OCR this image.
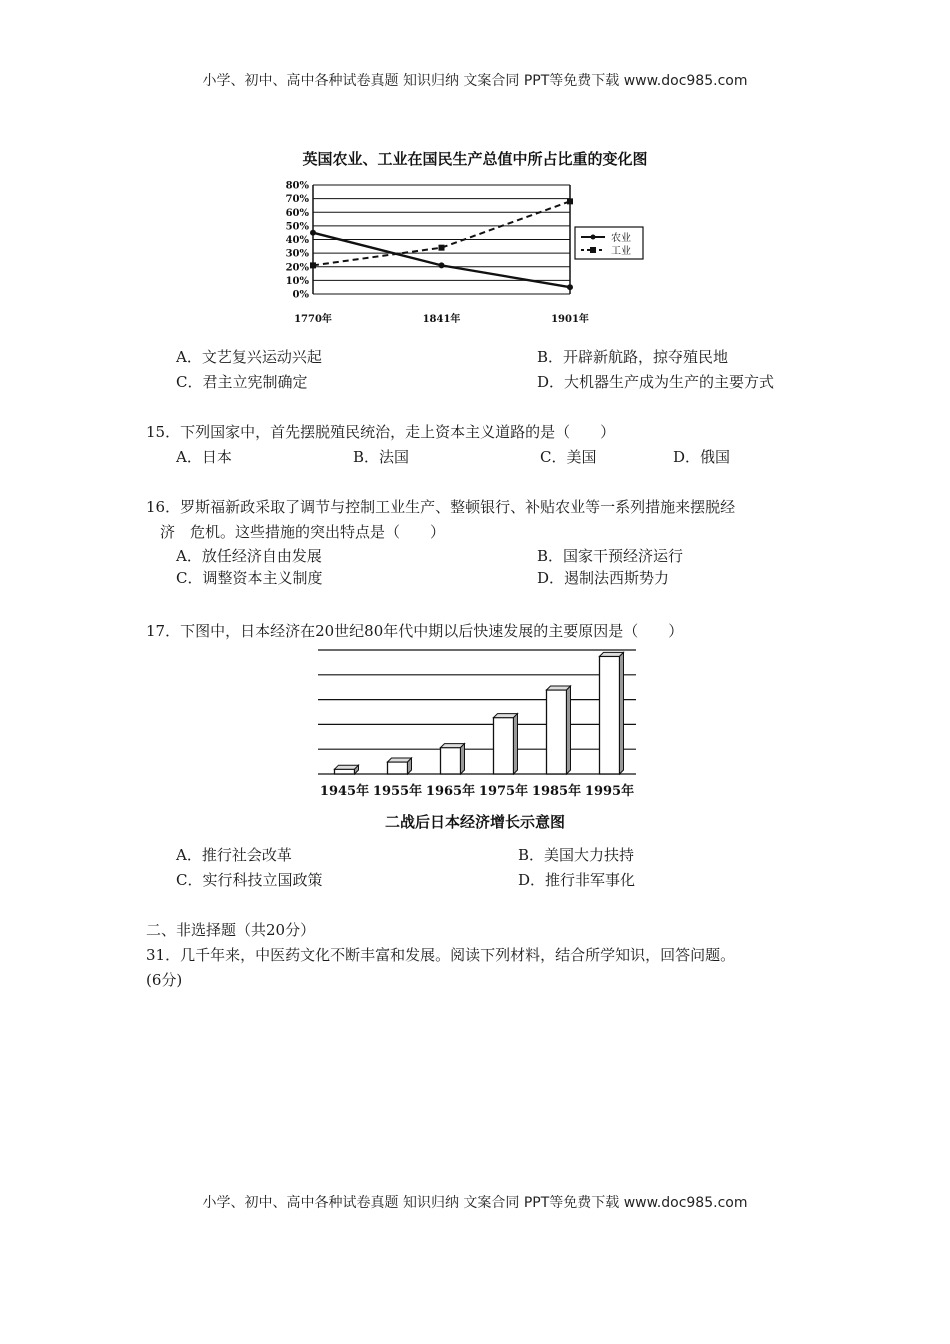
小学、初中、高中各种试卷真题 知识归纳 文案合同 PPT等免费下载 www.doc985.com
小学、初中、高中各种试卷真题 知识归纳 文案合同 PPT等免费下载 www.doc985.com
英国农业、工业在国民生产总值中所占比重的变化图
0%
10%
20%
30%
40%
50%
60%
70%
80%
1770年	1841年	1901年
农业
工业
A．文艺复兴运动兴起	B．开辟新航路，掠夺殖民地
C．君主立宪制确定	D．大机器生产成为生产的主要方式
15．下列国家中，首先摆脱殖民统治，走上资本主义道路的是（　　）
A．日本	B．法国	C．美国	D．俄国
16．罗斯福新政采取了调节与控制工业生产、整顿银行、补贴农业等一系列措施来摆脱经
济　危机。这些措施的突出特点是（　　）
A．放任经济自由发展	B．国家干预经济运行
C．调整资本主义制度	D．遏制法西斯势力
17．下图中，日本经济在20世纪80年代中期以后快速发展的主要原因是（　　）
1945年 1955年 1965年 1975年 1985年 1995年
二战后日本经济增长示意图
A．推行社会改革	B．美国大力扶持
C．实行科技立国政策	D．推行非军事化
二、非选择题（共20分）
31．几千年来，中医药文化不断丰富和发展。阅读下列材料，结合所学知识，回答问题。
(6分)
